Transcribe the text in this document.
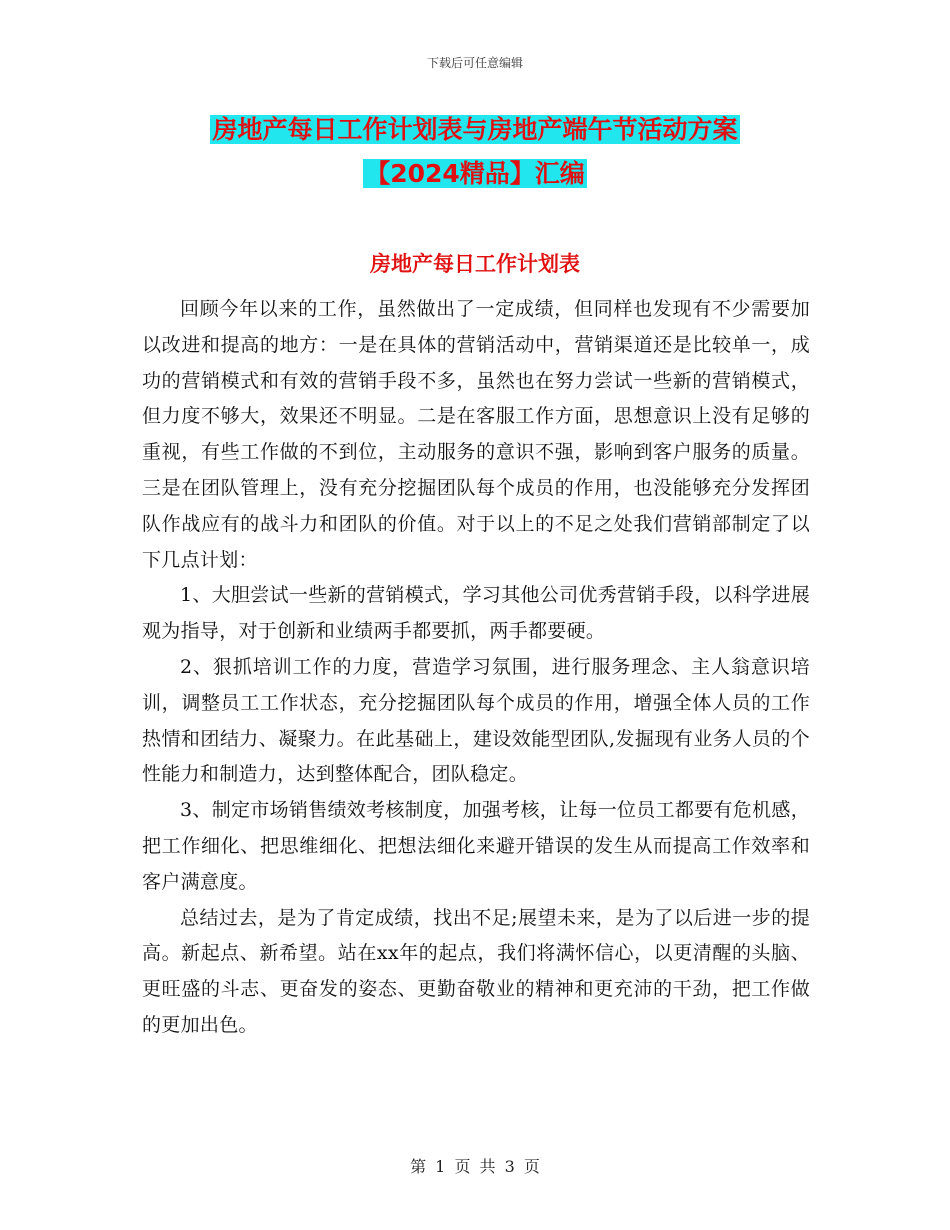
下载后可任意编辑
房地产每日工作计划表与房地产端午节活动方案
【2024精品】汇编
房地产每日工作计划表

回顾今年以来的工作，虽然做出了一定成绩，但同样也发现有不少需要加以改进和提高的地方：一是在具体的营销活动中，营销渠道还是比较单一，成功的营销模式和有效的营销手段不多，虽然也在努力尝试一些新的营销模式，但力度不够大，效果还不明显。二是在客服工作方面，思想意识上没有足够的重视，有些工作做的不到位，主动服务的意识不强，影响到客户服务的质量。三是在团队管理上，没有充分挖掘团队每个成员的作用，也没能够充分发挥团队作战应有的战斗力和团队的价值。对于以上的不足之处我们营销部制定了以下几点计划：

1、大胆尝试一些新的营销模式，学习其他公司优秀营销手段，以科学进展观为指导，对于创新和业绩两手都要抓，两手都要硬。

2、狠抓培训工作的力度，营造学习氛围，进行服务理念、主人翁意识培训，调整员工工作状态，充分挖掘团队每个成员的作用，增强全体人员的工作热情和团结力、凝聚力。在此基础上，建设效能型团队,发掘现有业务人员的个性能力和制造力，达到整体配合，团队稳定。

3、制定市场销售绩效考核制度，加强考核，让每一位员工都要有危机感，把工作细化、把思维细化、把想法细化来避开错误的发生从而提高工作效率和客户满意度。

总结过去，是为了肯定成绩，找出不足;展望未来，是为了以后进一步的提高。新起点、新希望。站在xx年的起点，我们将满怀信心，以更清醒的头脑、更旺盛的斗志、更奋发的姿态、更勤奋敬业的精神和更充沛的干劲，把工作做的更加出色。

第 1 页 共 3 页
